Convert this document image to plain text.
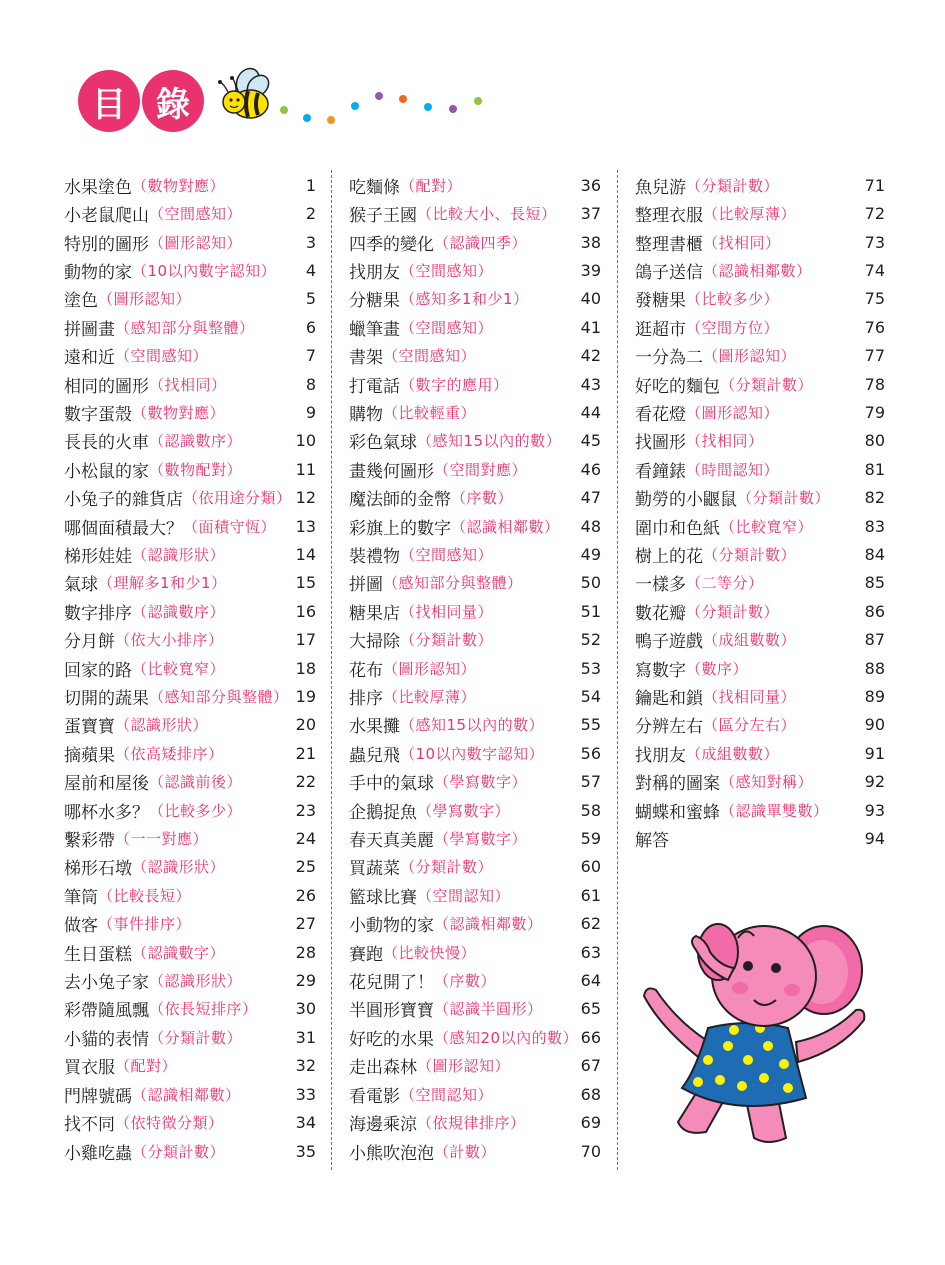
目 錄
水果塗色 （數物對應）	1
小老鼠爬山 （空間感知）	2
特別的圖形 （圖形認知）	3
動物的家 （10以內數字認知） 4
塗色 （圖形認知）	5
拼圖畫 （感知部分與整體）	6
遠和近 （空間感知）	7
相同的圖形 （找相同）	8
數字蛋殼 （數物對應）	9
長長的火車 （認識數序）	10
小松鼠的家 （數物配對）	11
小兔子的雜貨店 （依用途分類） 12
哪個面積最大？ （面積守恆） 13
梯形娃娃 （認識形狀）	14
氣球 （理解多1和少1）	15
數字排序 （認識數序）	16
分月餅 （依大小排序）	17
回家的路 （比較寬窄）	18
切開的蔬果 （感知部分與整體） 19
蛋寶寶 （認識形狀）	20
摘蘋果 （依高矮排序）	21
屋前和屋後 （認識前後）	22
哪杯水多？ （比較多少）	23
繫彩帶 （一一對應）	24
梯形石墩 （認識形狀）	25
筆筒 （比較長短）	26
做客 （事件排序）	27
生日蛋糕 （認識數字）	28
去小兔子家 （認識形狀）	29
彩帶隨風飄 （依長短排序） 30
小貓的表情 （分類計數）	31
買衣服 （配對）	32
門牌號碼 （認識相鄰數）	33
找不同 （依特徵分類）	34
小雞吃蟲 （分類計數）	35
吃麵條 （配對）	36
猴子王國 （比較大小、長短） 37
四季的變化 （認識四季）	38
找朋友 （空間感知）	39
分糖果 （感知多1和少1）	40
蠟筆畫 （空間感知）	41
書架 （空間感知）	42
打電話 （數字的應用）	43
購物 （比較輕重）	44
彩色氣球 （感知15以內的數） 45
畫幾何圖形 （空間對應）	46
魔法師的金幣 （序數）	47
彩旗上的數字 （認識相鄰數） 48
裝禮物 （空間感知）	49
拼圖 （感知部分與整體）	50
糖果店 （找相同量）	51
大掃除 （分類計數）	52
花布 （圖形認知）	53
排序 （比較厚薄）	54
水果攤 （感知15以內的數） 55
蟲兒飛 （10以內數字認知） 56
手中的氣球 （學寫數字）	57
企鵝捉魚 （學寫數字）	58
春天真美麗 （學寫數字）	59
買蔬菜 （分類計數）	60
籃球比賽 （空間認知）	61
小動物的家 （認識相鄰數） 62
賽跑 （比較快慢）	63
花兒開了！ （序數）	64
半圓形寶寶 （認識半圓形） 65
好吃的水果 （感知20以內的數） 66
走出森林 （圖形認知）	67
看電影 （空間認知）	68
海邊乘涼 （依規律排序）	69
小熊吹泡泡 （計數）	70
魚兒游 （分類計數）	71
整理衣服 （比較厚薄）	72
整理書櫃 （找相同）	73
鴿子送信 （認識相鄰數）	74
發糖果 （比較多少）	75
逛超市 （空間方位）	76
一分為二 （圖形認知）	77
好吃的麵包 （分類計數）	78
看花燈 （圖形認知）	79
找圖形 （找相同）	80
看鐘錶 （時間認知）	81
勤勞的小鼴鼠 （分類計數） 82
圍巾和色紙 （比較寬窄）	83
樹上的花 （分類計數）	84
一樣多 （二等分）	85
數花瓣 （分類計數）	86
鴨子遊戲 （成組數數）	87
寫數字 （數序）	88
鑰匙和鎖 （找相同量）	89
分辨左右 （區分左右）	90
找朋友 （成組數數）	91
對稱的圖案 （感知對稱）	92
蝴蝶和蜜蜂 （認識單雙數） 93
解答	94
